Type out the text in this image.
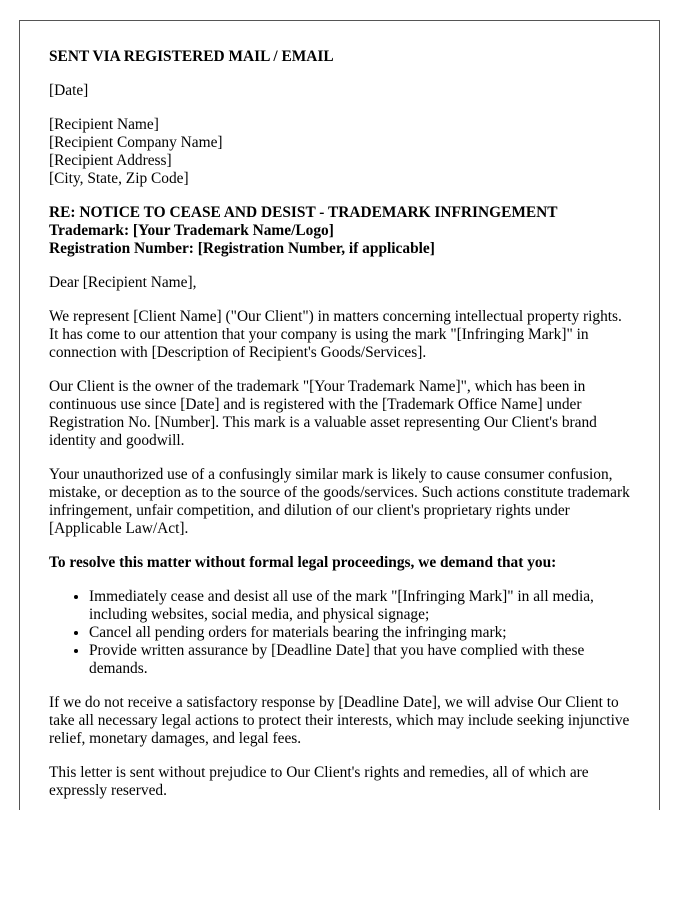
SENT VIA REGISTERED MAIL / EMAIL
[Date]
[Recipient Name]
[Recipient Company Name]
[Recipient Address]
[City, State, Zip Code]
RE: NOTICE TO CEASE AND DESIST - TRADEMARK INFRINGEMENT
Trademark: [Your Trademark Name/Logo]
Registration Number: [Registration Number, if applicable]
Dear [Recipient Name],
We represent [Client Name] ("Our Client") in matters concerning intellectual property rights. It has come to our attention that your company is using the mark "[Infringing Mark]" in connection with [Description of Recipient's Goods/Services].
Our Client is the owner of the trademark "[Your Trademark Name]", which has been in continuous use since [Date] and is registered with the [Trademark Office Name] under Registration No. [Number]. This mark is a valuable asset representing Our Client's brand identity and goodwill.
Your unauthorized use of a confusingly similar mark is likely to cause consumer confusion, mistake, or deception as to the source of the goods/services. Such actions constitute trademark infringement, unfair competition, and dilution of our client's proprietary rights under [Applicable Law/Act].
To resolve this matter without formal legal proceedings, we demand that you:
• Immediately cease and desist all use of the mark "[Infringing Mark]" in all media, including websites, social media, and physical signage;
• Cancel all pending orders for materials bearing the infringing mark;
• Provide written assurance by [Deadline Date] that you have complied with these demands.
If we do not receive a satisfactory response by [Deadline Date], we will advise Our Client to take all necessary legal actions to protect their interests, which may include seeking injunctive relief, monetary damages, and legal fees.
This letter is sent without prejudice to Our Client's rights and remedies, all of which are expressly reserved.
